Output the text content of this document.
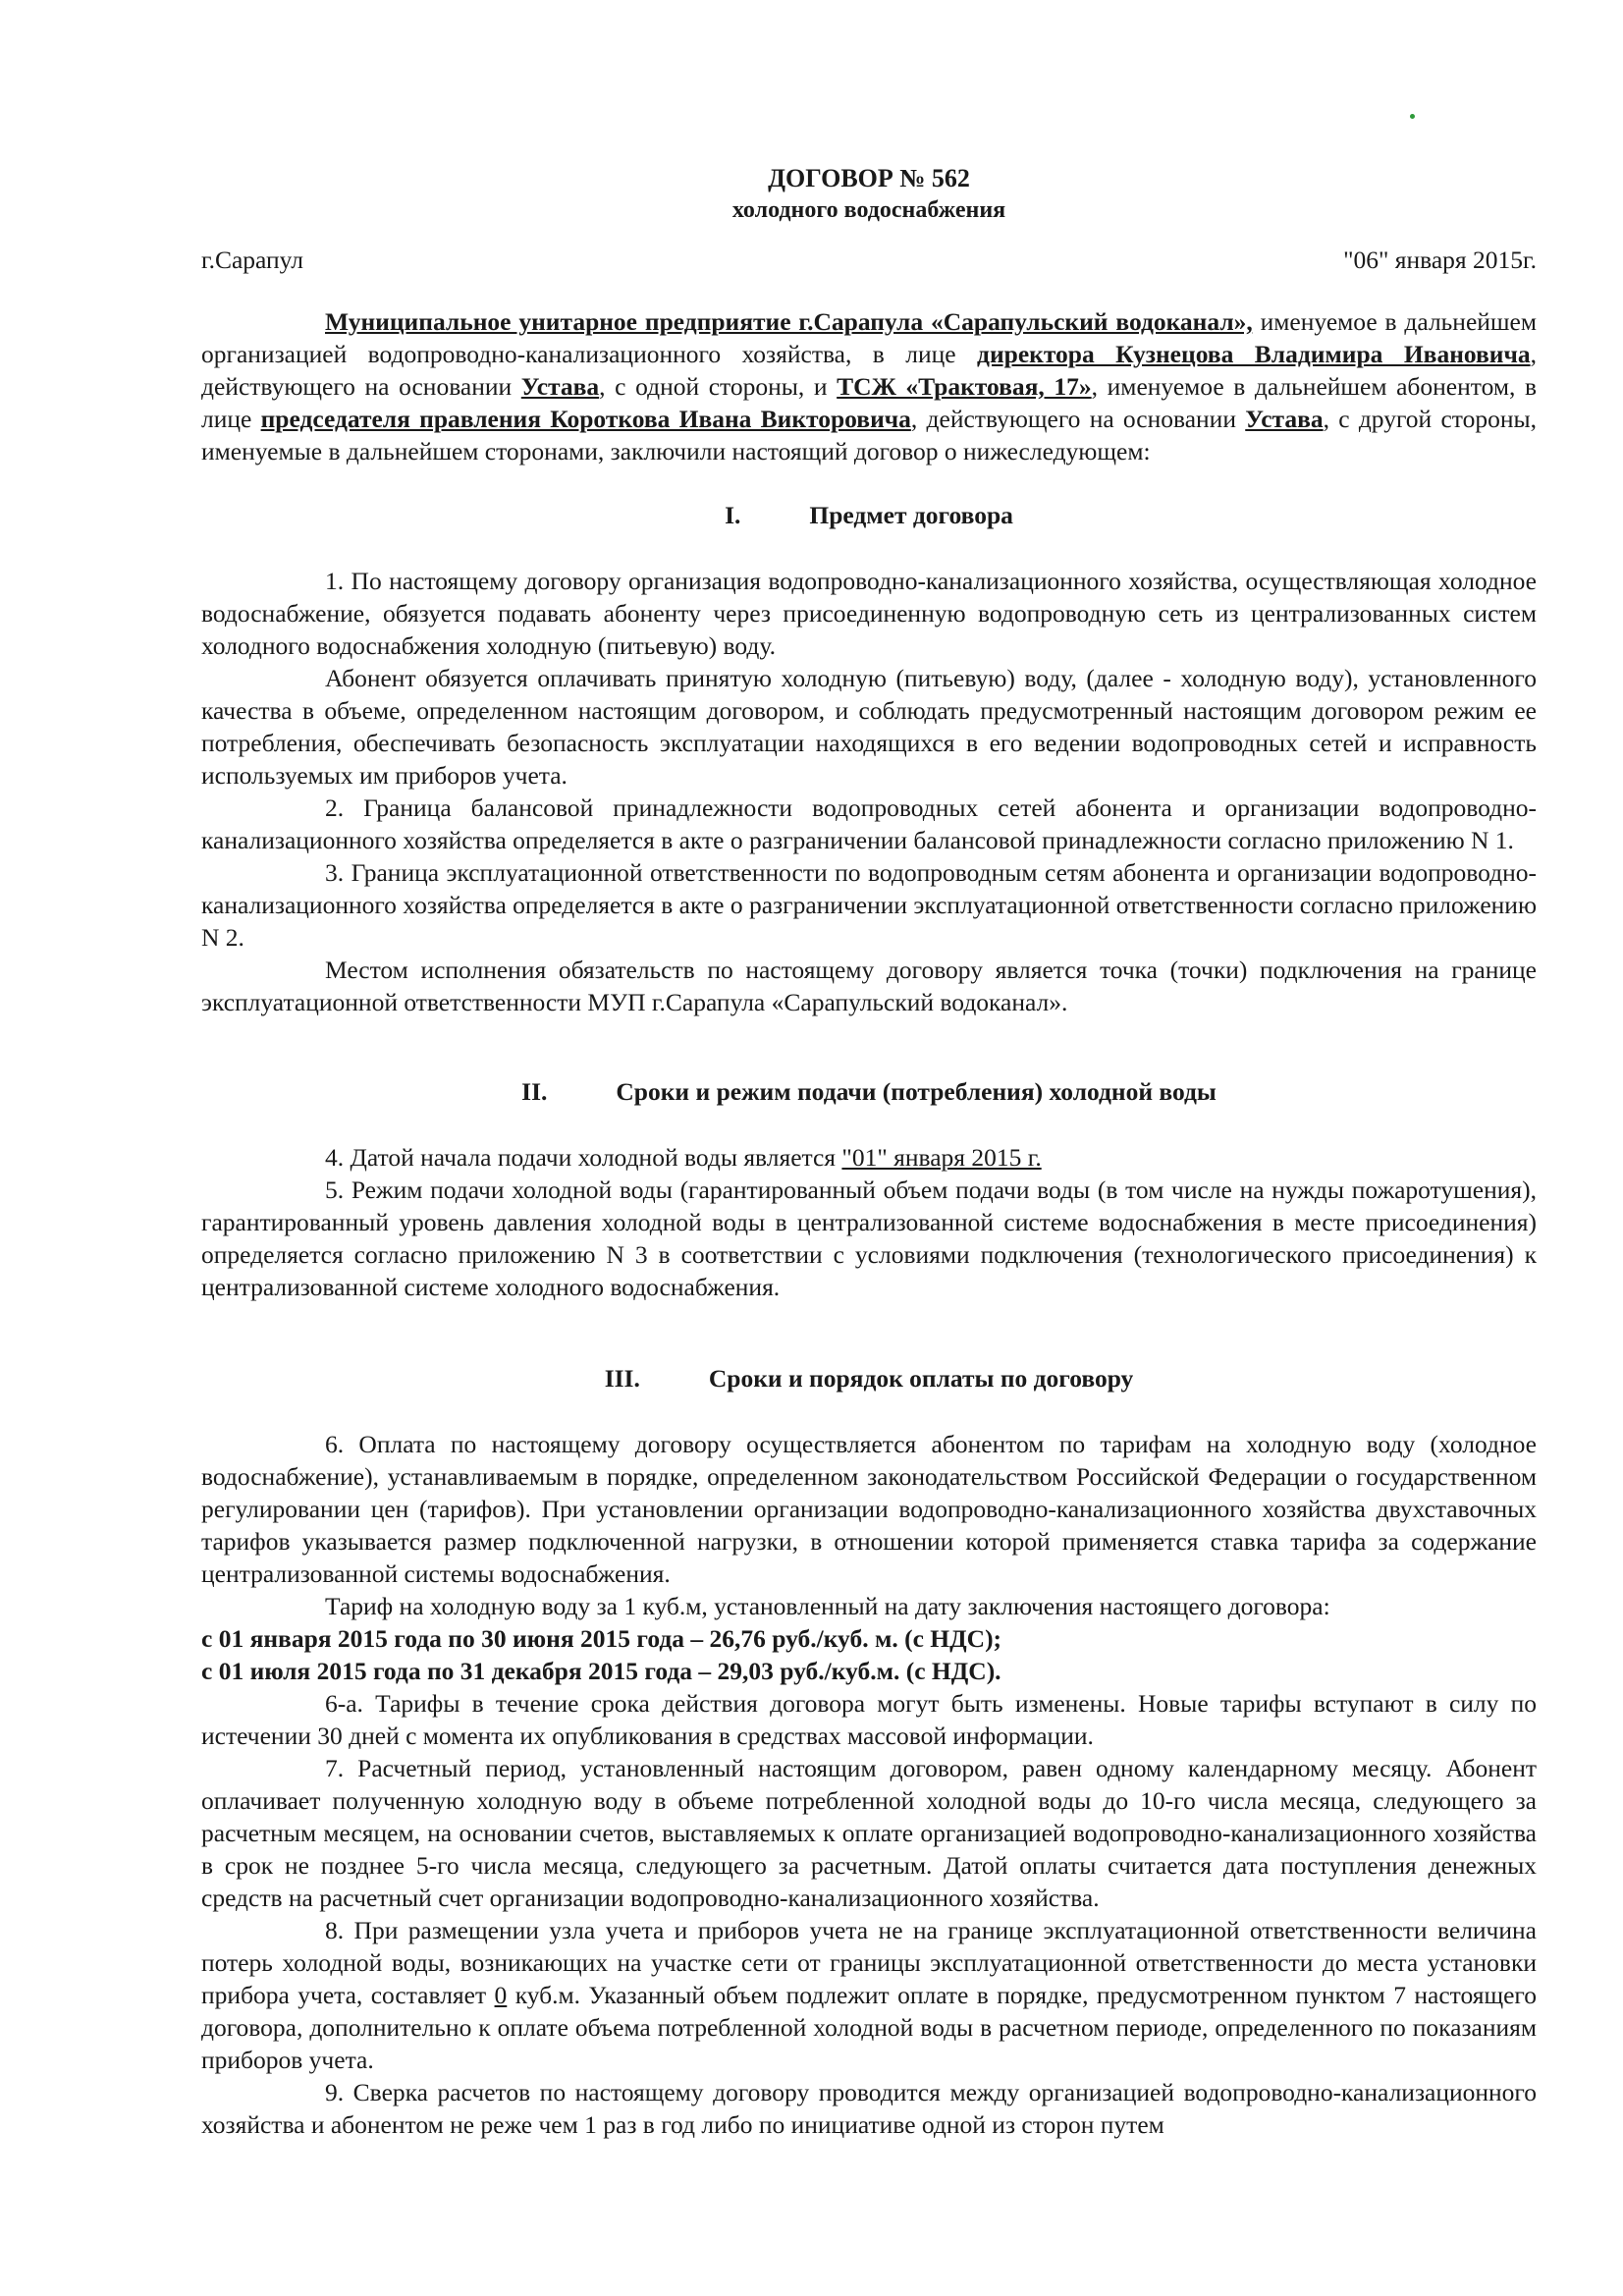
ДОГОВОР № 562
холодного водоснабжения
г.Сарапул	"06" января 2015г.

Муниципальное унитарное предприятие г.Сарапула «Сарапульский водоканал», именуемое в дальнейшем организацией водопроводно-канализационного хозяйства, в лице директора Кузнецова Владимира Ивановича, действующего на основании Устава, с одной стороны, и ТСЖ «Трактовая, 17», именуемое в дальнейшем абонентом, в лице председателя правления Короткова Ивана Викторовича, действующего на основании Устава, с другой стороны, именуемые в дальнейшем сторонами, заключили настоящий договор о нижеследующем:

I.	Предмет договора

1. По настоящему договору организация водопроводно-канализационного хозяйства, осуществляющая холодное водоснабжение, обязуется подавать абоненту через присоединенную водопроводную сеть из централизованных систем холодного водоснабжения холодную (питьевую) воду.

Абонент обязуется оплачивать принятую холодную (питьевую) воду, (далее - холодную воду), установленного качества в объеме, определенном настоящим договором, и соблюдать предусмотренный настоящим договором режим ее потребления, обеспечивать безопасность эксплуатации находящихся в его ведении водопроводных сетей и исправность используемых им приборов учета.

2. Граница балансовой принадлежности водопроводных сетей абонента и организации водопроводно-канализационного хозяйства определяется в акте о разграничении балансовой принадлежности согласно приложению N 1.

3. Граница эксплуатационной ответственности по водопроводным сетям абонента и организации водопроводно-канализационного хозяйства определяется в акте о разграничении эксплуатационной ответственности согласно приложению N 2.

Местом исполнения обязательств по настоящему договору является точка (точки) подключения на границе эксплуатационной ответственности МУП г.Сарапула «Сарапульский водоканал».

II.	Сроки и режим подачи (потребления) холодной воды

4. Датой начала подачи холодной воды является "01" января 2015 г.

5. Режим подачи холодной воды (гарантированный объем подачи воды (в том числе на нужды пожаротушения), гарантированный уровень давления холодной воды в централизованной системе водоснабжения в месте присоединения) определяется согласно приложению N 3 в соответствии с условиями подключения (технологического присоединения) к централизованной системе холодного водоснабжения.

III.	Сроки и порядок оплаты по договору

6. Оплата по настоящему договору осуществляется абонентом по тарифам на холодную воду (холодное водоснабжение), устанавливаемым в порядке, определенном законодательством Российской Федерации о государственном регулировании цен (тарифов). При установлении организации водопроводно-канализационного хозяйства двухставочных тарифов указывается размер подключенной нагрузки, в отношении которой применяется ставка тарифа за содержание централизованной системы водоснабжения.

Тариф на холодную воду за 1 куб.м, установленный на дату заключения настоящего договора:

с 01 января 2015 года по 30 июня 2015 года – 26,76 руб./куб. м. (с НДС);

с 01 июля 2015 года по 31 декабря 2015 года – 29,03 руб./куб.м. (с НДС).

6-а. Тарифы в течение срока действия договора могут быть изменены. Новые тарифы вступают в силу по истечении 30 дней с момента их опубликования в средствах массовой информации.

7. Расчетный период, установленный настоящим договором, равен одному календарному месяцу. Абонент оплачивает полученную холодную воду в объеме потребленной холодной воды до 10-го числа месяца, следующего за расчетным месяцем, на основании счетов, выставляемых к оплате организацией водопроводно-канализационного хозяйства в срок не позднее 5-го числа месяца, следующего за расчетным. Датой оплаты считается дата поступления денежных средств на расчетный счет организации водопроводно-канализационного хозяйства.

8. При размещении узла учета и приборов учета не на границе эксплуатационной ответственности величина потерь холодной воды, возникающих на участке сети от границы эксплуатационной ответственности до места установки прибора учета, составляет 0 куб.м. Указанный объем подлежит оплате в порядке, предусмотренном пунктом 7 настоящего договора, дополнительно к оплате объема потребленной холодной воды в расчетном периоде, определенного по показаниям приборов учета.

9. Сверка расчетов по настоящему договору проводится между организацией водопроводно-канализационного хозяйства и абонентом не реже чем 1 раз в год либо по инициативе одной из сторон путем
